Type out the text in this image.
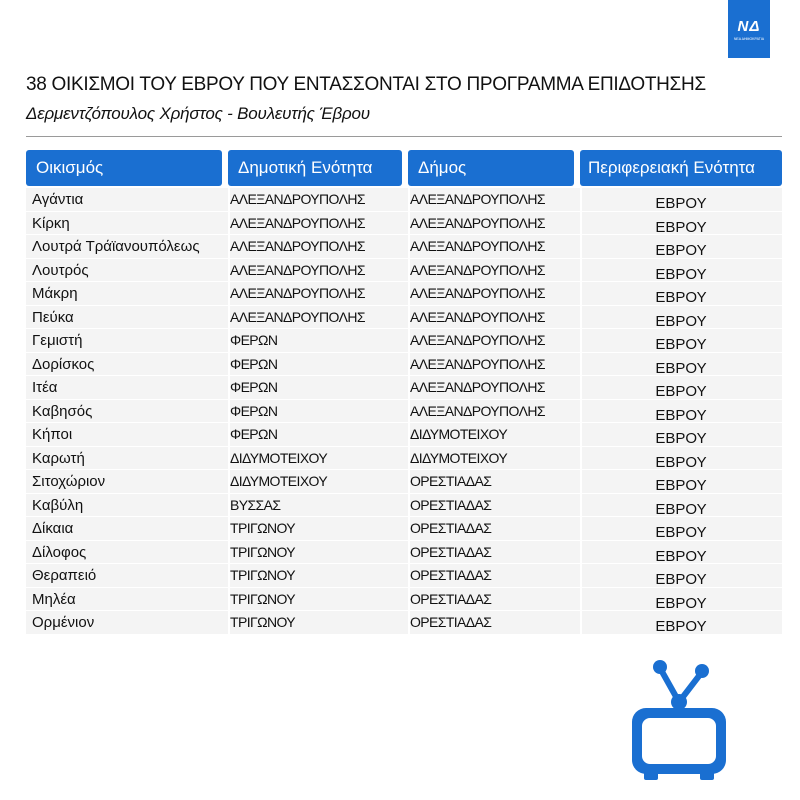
ΝΔ
ΝΕΑ ΔΗΜΟΚΡΑΤΙΑ
38 ΟΙΚΙΣΜΟΙ ΤΟΥ ΕΒΡΟΥ ΠΟΥ ΕΝΤΑΣΣΟΝΤΑΙ ΣΤΟ ΠΡΟΓΡΑΜΜΑ ΕΠΙΔΟΤΗΣΗΣ
Δερμεντζόπουλος Χρήστος - Βουλευτής Έβρου
Οικισμός	Δημοτική Ενότητα	Δήμος	Περιφερειακή Ενότητα
Αγάντια	ΑΛΕΞΑΝΔΡΟΥΠΟΛΗΣ	ΑΛΕΞΑΝΔΡΟΥΠΟΛΗΣ	ΕΒΡΟΥ
Κίρκη	ΑΛΕΞΑΝΔΡΟΥΠΟΛΗΣ	ΑΛΕΞΑΝΔΡΟΥΠΟΛΗΣ	ΕΒΡΟΥ
Λουτρά Τράϊανουπόλεως	ΑΛΕΞΑΝΔΡΟΥΠΟΛΗΣ	ΑΛΕΞΑΝΔΡΟΥΠΟΛΗΣ	ΕΒΡΟΥ
Λουτρός	ΑΛΕΞΑΝΔΡΟΥΠΟΛΗΣ	ΑΛΕΞΑΝΔΡΟΥΠΟΛΗΣ	ΕΒΡΟΥ
Μάκρη	ΑΛΕΞΑΝΔΡΟΥΠΟΛΗΣ	ΑΛΕΞΑΝΔΡΟΥΠΟΛΗΣ	ΕΒΡΟΥ
Πεύκα	ΑΛΕΞΑΝΔΡΟΥΠΟΛΗΣ	ΑΛΕΞΑΝΔΡΟΥΠΟΛΗΣ	ΕΒΡΟΥ
Γεμιστή	ΦΕΡΩΝ	ΑΛΕΞΑΝΔΡΟΥΠΟΛΗΣ	ΕΒΡΟΥ
Δορίσκος	ΦΕΡΩΝ	ΑΛΕΞΑΝΔΡΟΥΠΟΛΗΣ	ΕΒΡΟΥ
Ιτέα	ΦΕΡΩΝ	ΑΛΕΞΑΝΔΡΟΥΠΟΛΗΣ	ΕΒΡΟΥ
Καβησός	ΦΕΡΩΝ	ΑΛΕΞΑΝΔΡΟΥΠΟΛΗΣ	ΕΒΡΟΥ
Κήποι	ΦΕΡΩΝ	ΔΙΔΥΜΟΤΕΙΧΟΥ	ΕΒΡΟΥ
Καρωτή	ΔΙΔΥΜΟΤΕΙΧΟΥ	ΔΙΔΥΜΟΤΕΙΧΟΥ	ΕΒΡΟΥ
Σιτοχώριον	ΔΙΔΥΜΟΤΕΙΧΟΥ	ΟΡΕΣΤΙΑΔΑΣ	ΕΒΡΟΥ
Καβύλη	ΒΥΣΣΑΣ	ΟΡΕΣΤΙΑΔΑΣ	ΕΒΡΟΥ
Δίκαια	ΤΡΙΓΩΝΟΥ	ΟΡΕΣΤΙΑΔΑΣ	ΕΒΡΟΥ
Δίλοφος	ΤΡΙΓΩΝΟΥ	ΟΡΕΣΤΙΑΔΑΣ	ΕΒΡΟΥ
Θεραπειό	ΤΡΙΓΩΝΟΥ	ΟΡΕΣΤΙΑΔΑΣ	ΕΒΡΟΥ
Μηλέα	ΤΡΙΓΩΝΟΥ	ΟΡΕΣΤΙΑΔΑΣ	ΕΒΡΟΥ
Ορμένιον	ΤΡΙΓΩΝΟΥ	ΟΡΕΣΤΙΑΔΑΣ	ΕΒΡΟΥ
